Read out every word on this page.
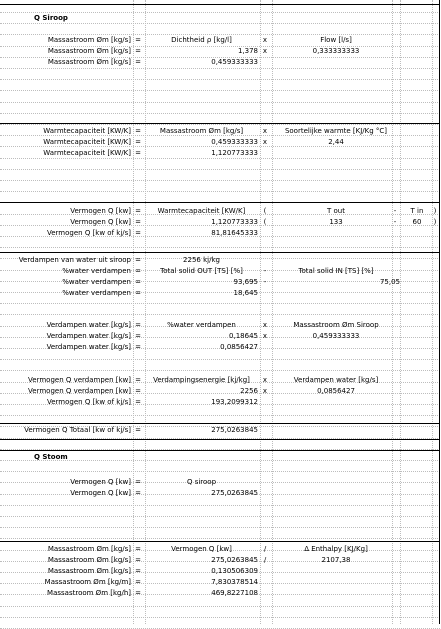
Q Siroop
Massastroom Øm [kg/s] =	Dichtheid ρ [kg/l]	x	Flow [l/s]
Massastroom Øm [kg/s] =	1,378 x	0,333333333
Massastroom Øm [kg/s] =	0,459333333
Warmtecapaciteit [KW/K] =	Massastroom Øm [kg/s]	x	Soortelijke warmte [KJ/Kg °C]
Warmtecapaciteit [KW/K] =	0,459333333 x	2,44
Warmtecapaciteit [KW/K] =	1,120773333
Vermogen Q [kw] =	Warmtecapaciteit [KW/K]	(	T out	-	T in	)
Vermogen Q [kw] =	1,120773333 (	133	-	60	)
Vermogen Q [kw of kj/s] =	81,81645333
Verdampen van water uit siroop =	2256 kj/kg
%water verdampen =	Total solid OUT [TS] [%]	-	Total solid IN [TS] [%]
%water verdampen =	93,695 -	75,05
%water verdampen =	18,645
Verdampen water [kg/s] =	%water verdampen	x	Massastroom Øm Siroop
Verdampen water [kg/s] =	0,18645 x	0,459333333
Verdampen water [kg/s] =	0,0856427
Vermogen Q verdampen [kw] =	Verdampingsenergie [kj/kg]	x	Verdampen water [kg/s]
Vermogen Q verdampen [kw] =	2256 x	0,0856427
Vermogen Q [kw of kj/s] =	193,2099312
Vermogen Q Totaal [kw of kj/s] =	275,0263845
Q Stoom
Vermogen Q [kw] =	Q siroop
Vermogen Q [kw] =	275,0263845
Massastroom Øm [kg/s] =	Vermogen Q [kw]	/	Δ Enthalpy [KJ/Kg]
Massastroom Øm [kg/s] =	275,0263845 /	2107,38
Massastroom Øm [kg/s] =	0,130506309
Massastroom Øm [kg/m] =	7,830378514
Massastroom Øm [kg/h] =	469,8227108
